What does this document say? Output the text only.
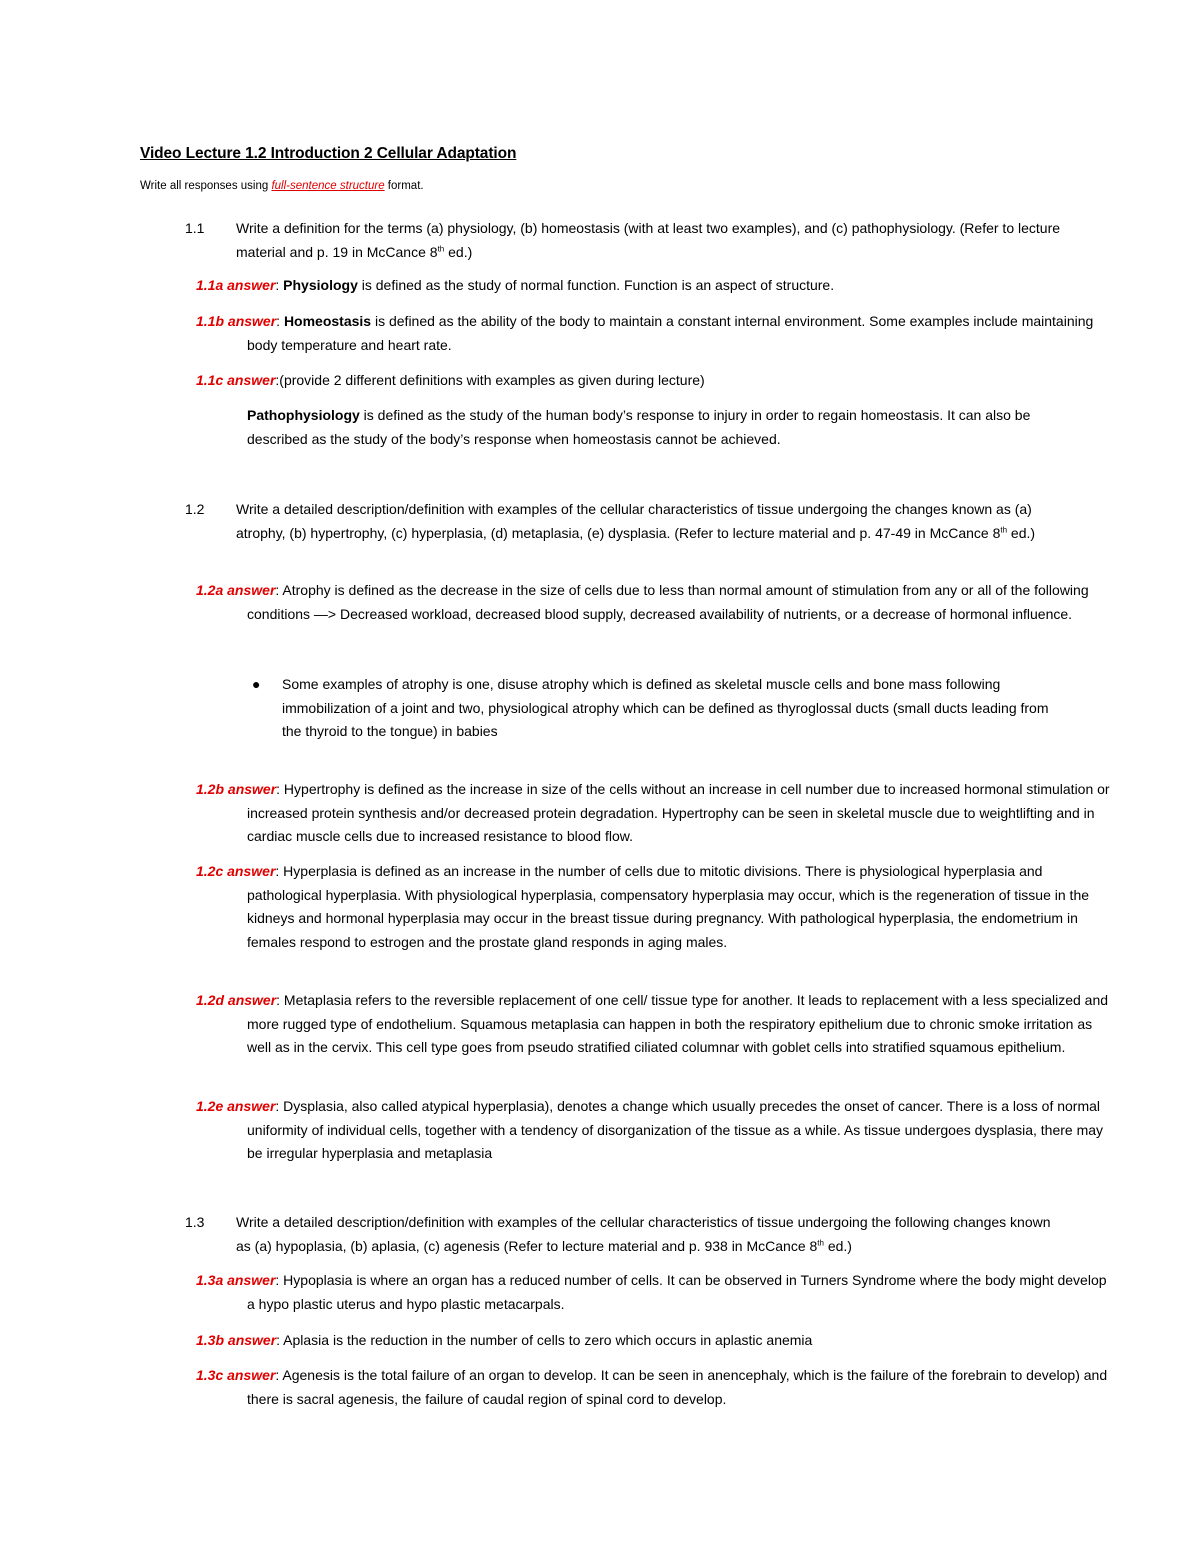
Video Lecture 1.2 Introduction 2 Cellular Adaptation
Write all responses using full-sentence structure format.
1.1	Write a definition for the terms (a) physiology, (b) homeostasis (with at least two examples), and (c) pathophysiology. (Refer to lecture material and p. 19 in McCance 8th ed.)
1.1a answer: Physiology is defined as the study of normal function. Function is an aspect of structure.
1.1b answer: Homeostasis is defined as the ability of the body to maintain a constant internal environment. Some examples include maintaining body temperature and heart rate.
1.1c answer:(provide 2 different definitions with examples as given during lecture)
Pathophysiology is defined as the study of the human body’s response to injury in order to regain homeostasis. It can also be described as the study of the body’s response when homeostasis cannot be achieved.
1.2	Write a detailed description/definition with examples of the cellular characteristics of tissue undergoing the changes known as (a) atrophy, (b) hypertrophy, (c) hyperplasia, (d) metaplasia, (e) dysplasia. (Refer to lecture material and p. 47-49 in McCance 8th ed.)
1.2a answer: Atrophy is defined as the decrease in the size of cells due to less than normal amount of stimulation from any or all of the following conditions —> Decreased workload, decreased blood supply, decreased availability of nutrients, or a decrease of hormonal influence.
● Some examples of atrophy is one, disuse atrophy which is defined as skeletal muscle cells and bone mass following immobilization of a joint and two, physiological atrophy which can be defined as thyroglossal ducts (small ducts leading from the thyroid to the tongue) in babies
1.2b answer: Hypertrophy is defined as the increase in size of the cells without an increase in cell number due to increased hormonal stimulation or increased protein synthesis and/or decreased protein degradation. Hypertrophy can be seen in skeletal muscle due to weightlifting and in cardiac muscle cells due to increased resistance to blood flow.
1.2c answer: Hyperplasia is defined as an increase in the number of cells due to mitotic divisions. There is physiological hyperplasia and pathological hyperplasia. With physiological hyperplasia, compensatory hyperplasia may occur, which is the regeneration of tissue in the kidneys and hormonal hyperplasia may occur in the breast tissue during pregnancy. With pathological hyperplasia, the endometrium in females respond to estrogen and the prostate gland responds in aging males.
1.2d answer: Metaplasia refers to the reversible replacement of one cell/ tissue type for another. It leads to replacement with a less specialized and more rugged type of endothelium. Squamous metaplasia can happen in both the respiratory epithelium due to chronic smoke irritation as well as in the cervix. This cell type goes from pseudo stratified ciliated columnar with goblet cells into stratified squamous epithelium.
1.2e answer: Dysplasia, also called atypical hyperplasia), denotes a change which usually precedes the onset of cancer. There is a loss of normal uniformity of individual cells, together with a tendency of disorganization of the tissue as a while. As tissue undergoes dysplasia, there may be irregular hyperplasia and metaplasia
1.3	Write a detailed description/definition with examples of the cellular characteristics of tissue undergoing the following changes known as (a) hypoplasia, (b) aplasia, (c) agenesis (Refer to lecture material and p. 938 in McCance 8th ed.)
1.3a answer: Hypoplasia is where an organ has a reduced number of cells. It can be observed in Turners Syndrome where the body might develop a hypo plastic uterus and hypo plastic metacarpals.
1.3b answer: Aplasia is the reduction in the number of cells to zero which occurs in aplastic anemia
1.3c answer: Agenesis is the total failure of an organ to develop. It can be seen in anencephaly, which is the failure of the forebrain to develop) and there is sacral agenesis, the failure of caudal region of spinal cord to develop.
